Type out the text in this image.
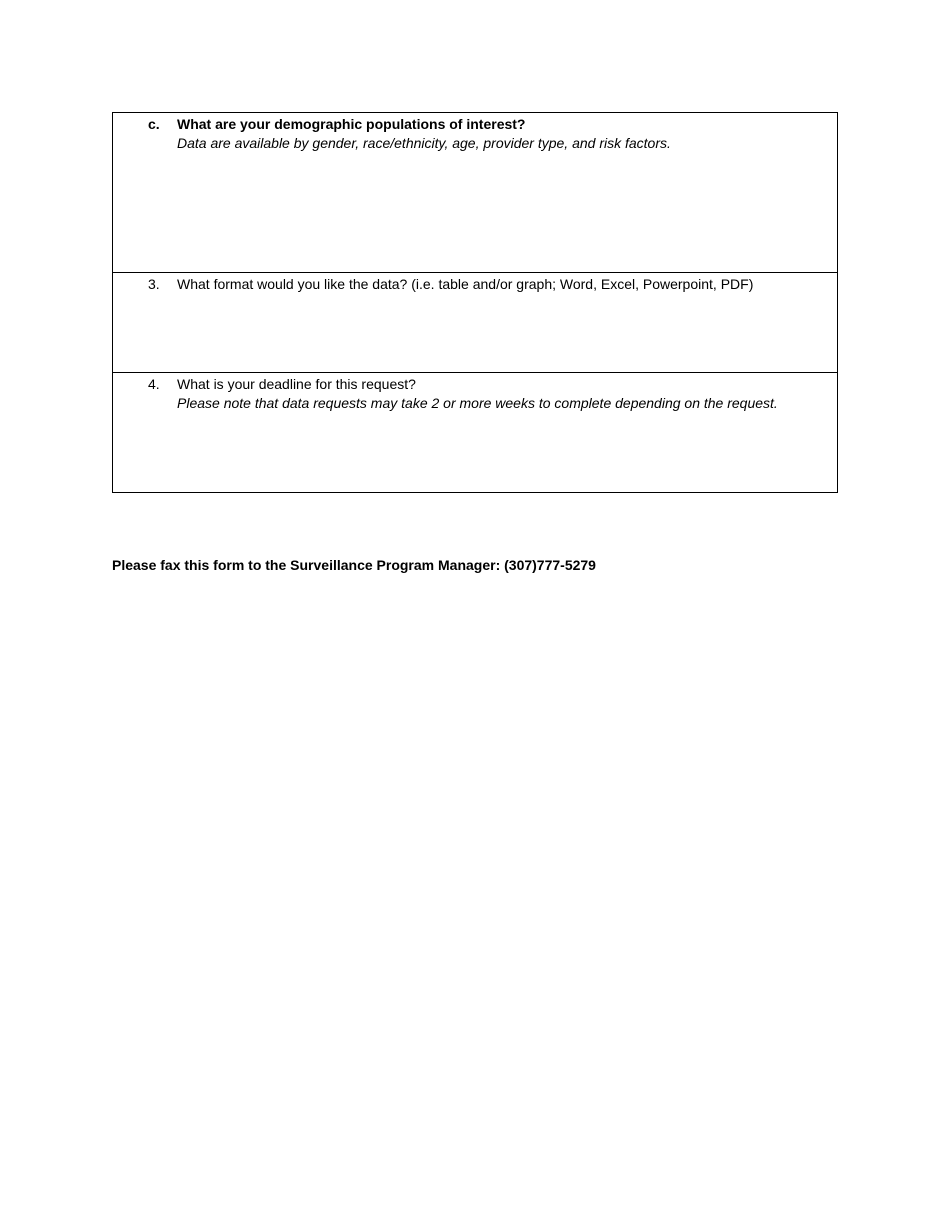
c. What are your demographic populations of interest?
Data are available by gender, race/ethnicity, age, provider type, and risk factors.
3. What format would you like the data? (i.e. table and/or graph; Word, Excel, Powerpoint, PDF)
4. What is your deadline for this request?
Please note that data requests may take 2 or more weeks to complete depending on the request.
Please fax this form to the Surveillance Program Manager: (307)777-5279
